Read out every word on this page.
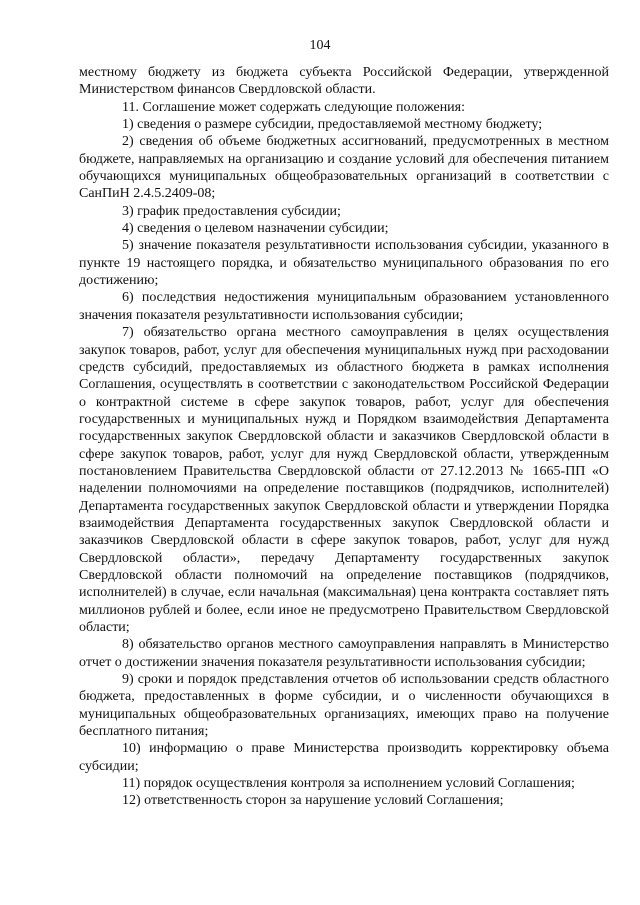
104

местному бюджету из бюджета субъекта Российской Федерации, утвержденной Министерством финансов Свердловской области.

11. Соглашение может содержать следующие положения:

1) сведения о размере субсидии, предоставляемой местному бюджету;

2) сведения об объеме бюджетных ассигнований, предусмотренных в местном бюджете, направляемых на организацию и создание условий для обеспечения питанием обучающихся муниципальных общеобразовательных организаций в соответствии с СанПиН 2.4.5.2409-08;

3) график предоставления субсидии;

4) сведения о целевом назначении субсидии;

5) значение показателя результативности использования субсидии, указанного в пункте 19 настоящего порядка, и обязательство муниципального образования по его достижению;

6) последствия недостижения муниципальным образованием установленного значения показателя результативности использования субсидии;

7) обязательство органа местного самоуправления в целях осуществления закупок товаров, работ, услуг для обеспечения муниципальных нужд при расходовании средств субсидий, предоставляемых из областного бюджета в рамках исполнения Соглашения, осуществлять в соответствии с законодательством Российской Федерации о контрактной системе в сфере закупок товаров, работ, услуг для обеспечения государственных и муниципальных нужд и Порядком взаимодействия Департамента государственных закупок Свердловской области и заказчиков Свердловской области в сфере закупок товаров, работ, услуг для нужд Свердловской области, утвержденным постановлением Правительства Свердловской области от 27.12.2013 № 1665-ПП «О наделении полномочиями на определение поставщиков (подрядчиков, исполнителей) Департамента государственных закупок Свердловской области и утверждении Порядка взаимодействия Департамента государственных закупок Свердловской области и заказчиков Свердловской области в сфере закупок товаров, работ, услуг для нужд Свердловской области», передачу Департаменту государственных закупок Свердловской области полномочий на определение поставщиков (подрядчиков, исполнителей) в случае, если начальная (максимальная) цена контракта составляет пять миллионов рублей и более, если иное не предусмотрено Правительством Свердловской области;

8) обязательство органов местного самоуправления направлять в Министерство отчет о достижении значения показателя результативности использования субсидии;

9) сроки и порядок представления отчетов об использовании средств областного бюджета, предоставленных в форме субсидии, и о численности обучающихся в муниципальных общеобразовательных организациях, имеющих право на получение бесплатного питания;

10) информацию о праве Министерства производить корректировку объема субсидии;

11) порядок осуществления контроля за исполнением условий Соглашения;

12) ответственность сторон за нарушение условий Соглашения;
